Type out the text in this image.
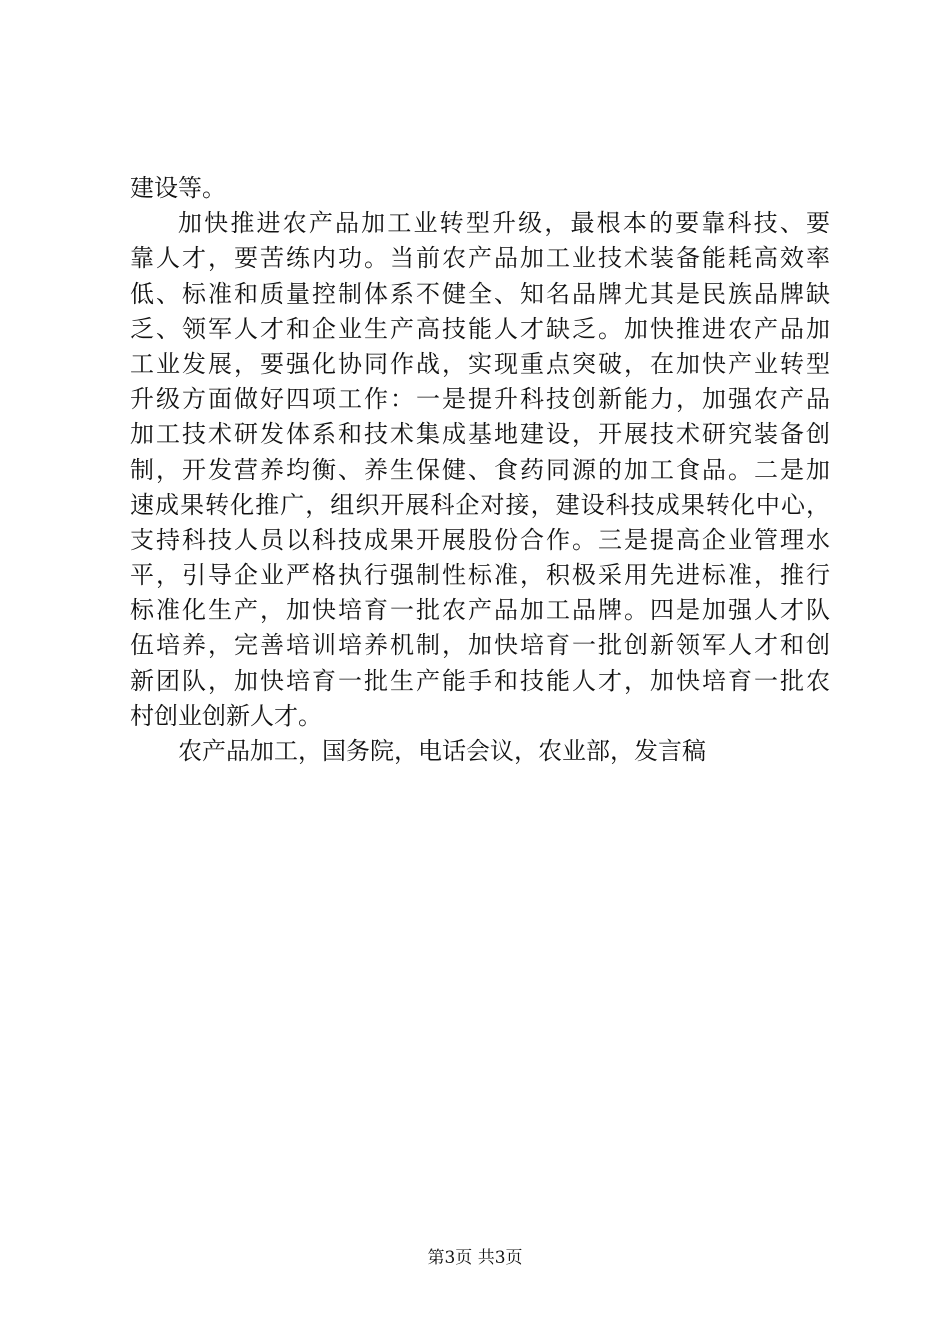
建设等。
加快推进农产品加工业转型升级，最根本的要靠科技、要
靠人才，要苦练内功。当前农产品加工业技术装备能耗高效率
低、标准和质量控制体系不健全、知名品牌尤其是民族品牌缺
乏、领军人才和企业生产高技能人才缺乏。加快推进农产品加
工业发展，要强化协同作战，实现重点突破，在加快产业转型
升级方面做好四项工作：一是提升科技创新能力，加强农产品
加工技术研发体系和技术集成基地建设，开展技术研究装备创
制，开发营养均衡、养生保健、食药同源的加工食品。二是加
速成果转化推广，组织开展科企对接，建设科技成果转化中心，
支持科技人员以科技成果开展股份合作。三是提高企业管理水
平，引导企业严格执行强制性标准，积极采用先进标准，推行
标准化生产，加快培育一批农产品加工品牌。四是加强人才队
伍培养，完善培训培养机制，加快培育一批创新领军人才和创
新团队，加快培育一批生产能手和技能人才，加快培育一批农
村创业创新人才。
农产品加工，国务院，电话会议，农业部，发言稿
第3页 共3页
